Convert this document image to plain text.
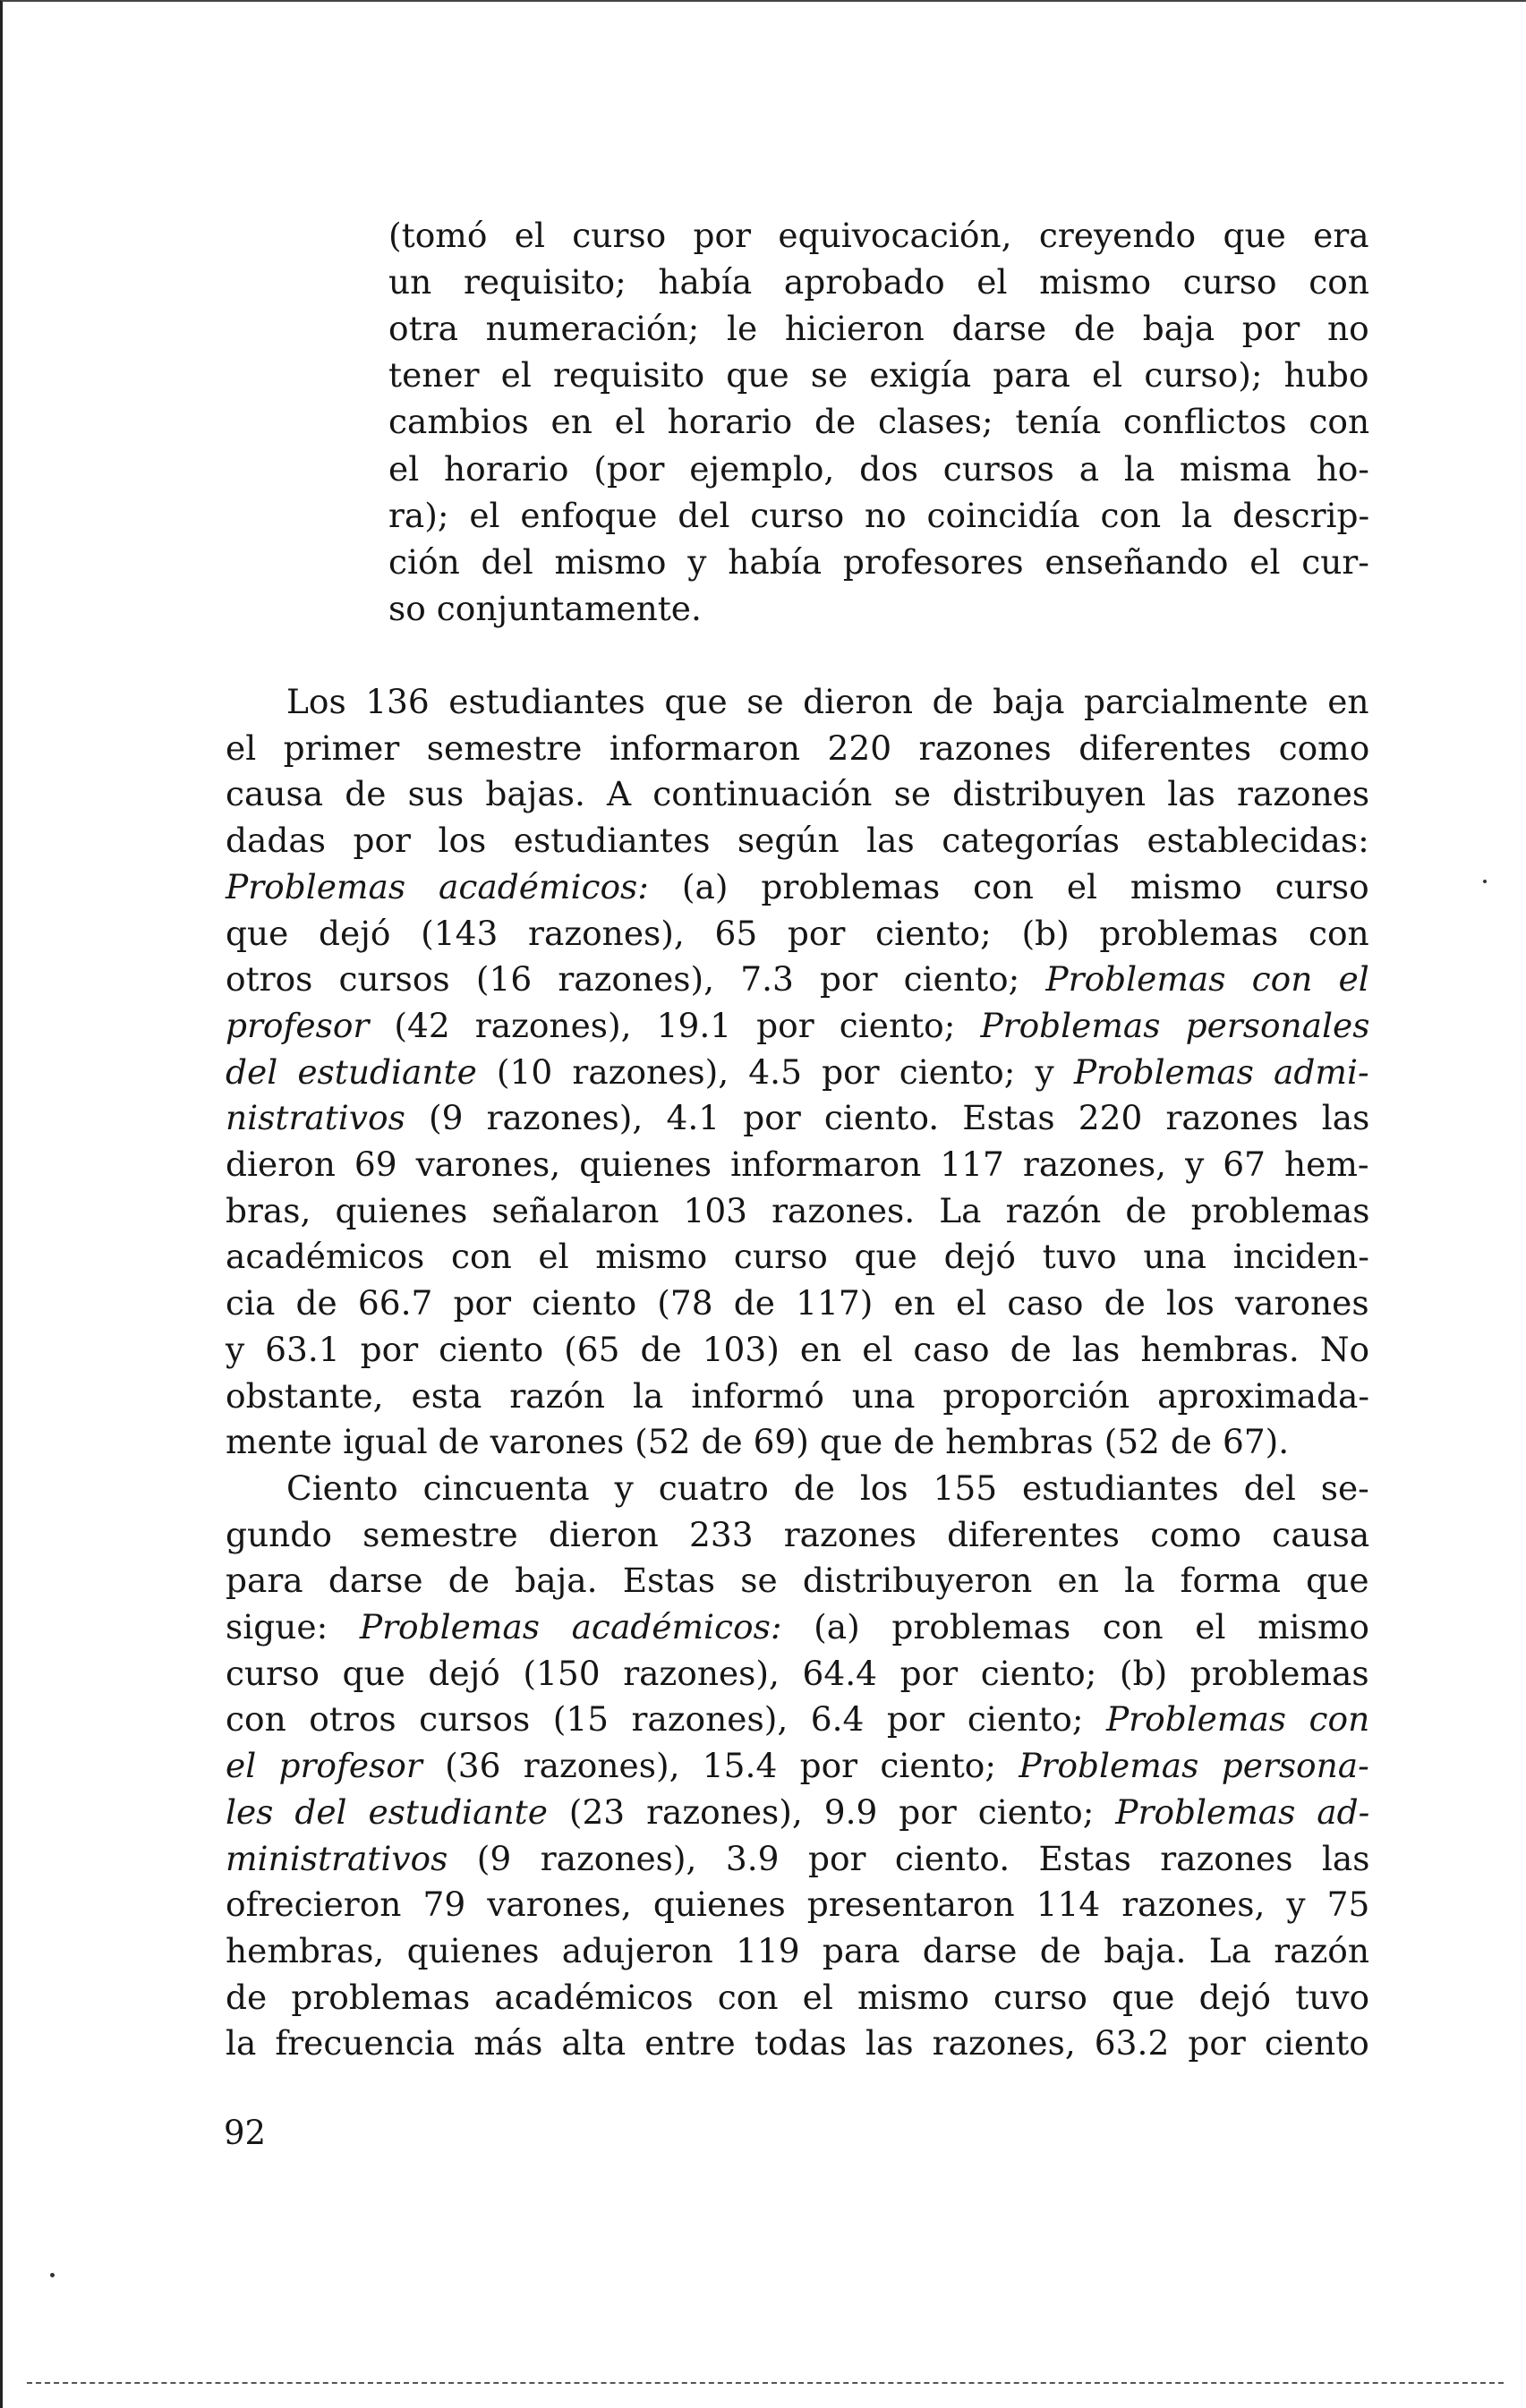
(tomó el curso por equivocación, creyendo que era
un requisito; había aprobado el mismo curso con
otra numeración; le hicieron darse de baja por no
tener el requisito que se exigía para el curso); hubo
cambios en el horario de clases; tenía conflictos con
el horario (por ejemplo, dos cursos a la misma ho-
ra); el enfoque del curso no coincidía con la descrip-
ción del mismo y había profesores enseñando el cur-
so conjuntamente.
Los 136 estudiantes que se dieron de baja parcialmente en
el primer semestre informaron 220 razones diferentes como
causa de sus bajas. A continuación se distribuyen las razones
dadas por los estudiantes según las categorías establecidas:
Problemas académicos: (a) problemas con el mismo curso
que dejó (143 razones), 65 por ciento; (b) problemas con
otros cursos (16 razones), 7.3 por ciento; Problemas con el
profesor (42 razones), 19.1 por ciento; Problemas personales
del estudiante (10 razones), 4.5 por ciento; y Problemas admi-
nistrativos (9 razones), 4.1 por ciento. Estas 220 razones las
dieron 69 varones, quienes informaron 117 razones, y 67 hem-
bras, quienes señalaron 103 razones. La razón de problemas
académicos con el mismo curso que dejó tuvo una inciden-
cia de 66.7 por ciento (78 de 117) en el caso de los varones
y 63.1 por ciento (65 de 103) en el caso de las hembras. No
obstante, esta razón la informó una proporción aproximada-
mente igual de varones (52 de 69) que de hembras (52 de 67).
Ciento cincuenta y cuatro de los 155 estudiantes del se-
gundo semestre dieron 233 razones diferentes como causa
para darse de baja. Estas se distribuyeron en la forma que
sigue: Problemas académicos: (a) problemas con el mismo
curso que dejó (150 razones), 64.4 por ciento; (b) problemas
con otros cursos (15 razones), 6.4 por ciento; Problemas con
el profesor (36 razones), 15.4 por ciento; Problemas persona-
les del estudiante (23 razones), 9.9 por ciento; Problemas ad-
ministrativos (9 razones), 3.9 por ciento. Estas razones las
ofrecieron 79 varones, quienes presentaron 114 razones, y 75
hembras, quienes adujeron 119 para darse de baja. La razón
de problemas académicos con el mismo curso que dejó tuvo
la frecuencia más alta entre todas las razones, 63.2 por ciento
92
